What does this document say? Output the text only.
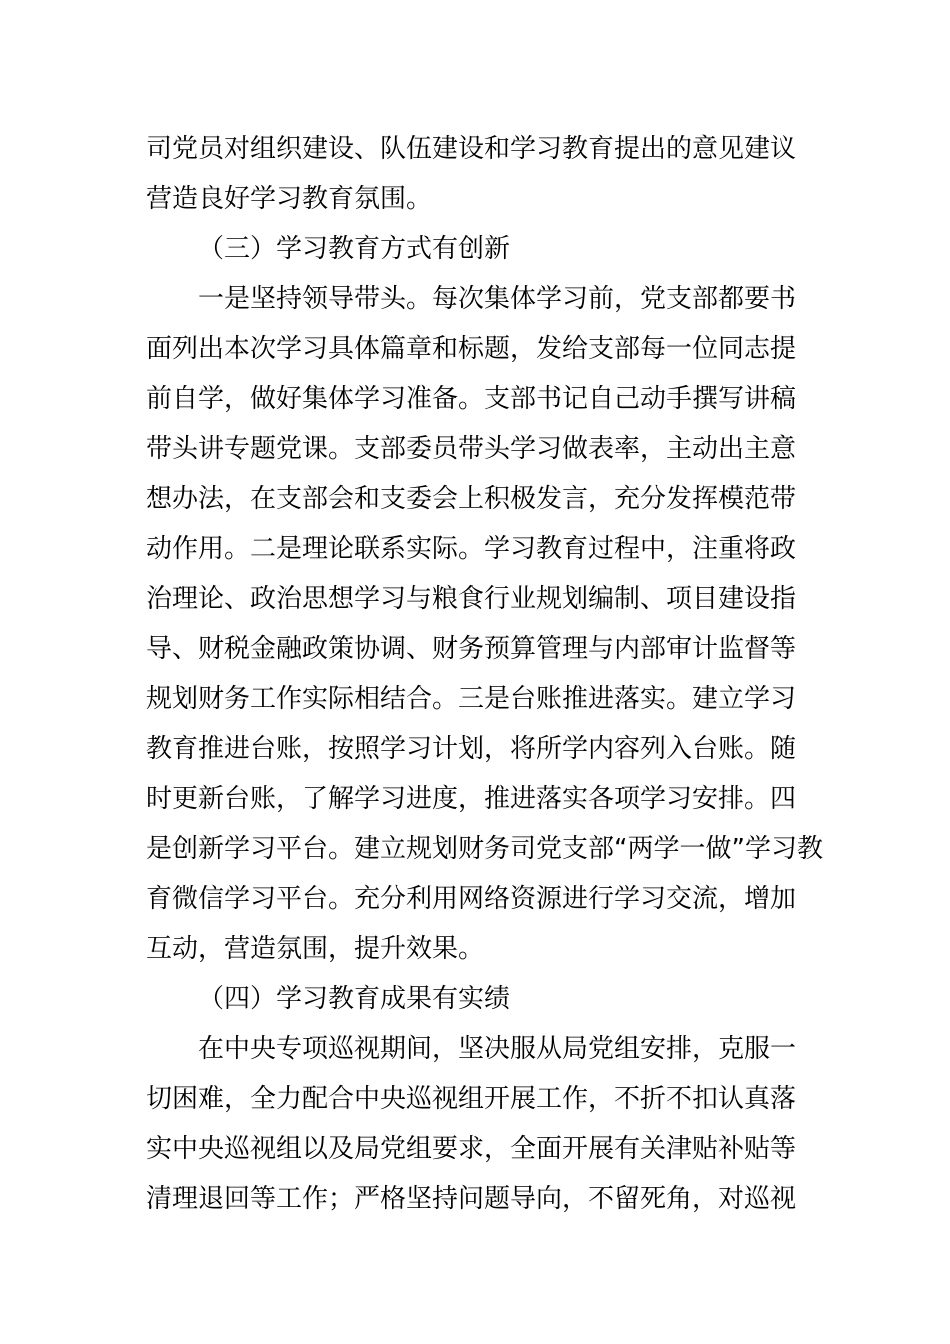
司党员对组织建设、队伍建设和学习教育提出的意见建议
营造良好学习教育氛围。
（三）学习教育方式有创新
一是坚持领导带头。每次集体学习前，党支部都要书
面列出本次学习具体篇章和标题，发给支部每一位同志提
前自学，做好集体学习准备。支部书记自己动手撰写讲稿
带头讲专题党课。支部委员带头学习做表率，主动出主意
想办法，在支部会和支委会上积极发言，充分发挥模范带
动作用。二是理论联系实际。学习教育过程中，注重将政
治理论、政治思想学习与粮食行业规划编制、项目建设指
导、财税金融政策协调、财务预算管理与内部审计监督等
规划财务工作实际相结合。三是台账推进落实。建立学习
教育推进台账，按照学习计划，将所学内容列入台账。随
时更新台账，了解学习进度，推进落实各项学习安排。四
是创新学习平台。建立规划财务司党支部“两学一做”学习教
育微信学习平台。充分利用网络资源进行学习交流，增加
互动，营造氛围，提升效果。
（四）学习教育成果有实绩
在中央专项巡视期间，坚决服从局党组安排，克服一
切困难，全力配合中央巡视组开展工作，不折不扣认真落
实中央巡视组以及局党组要求，全面开展有关津贴补贴等
清理退回等工作；严格坚持问题导向，不留死角，对巡视
